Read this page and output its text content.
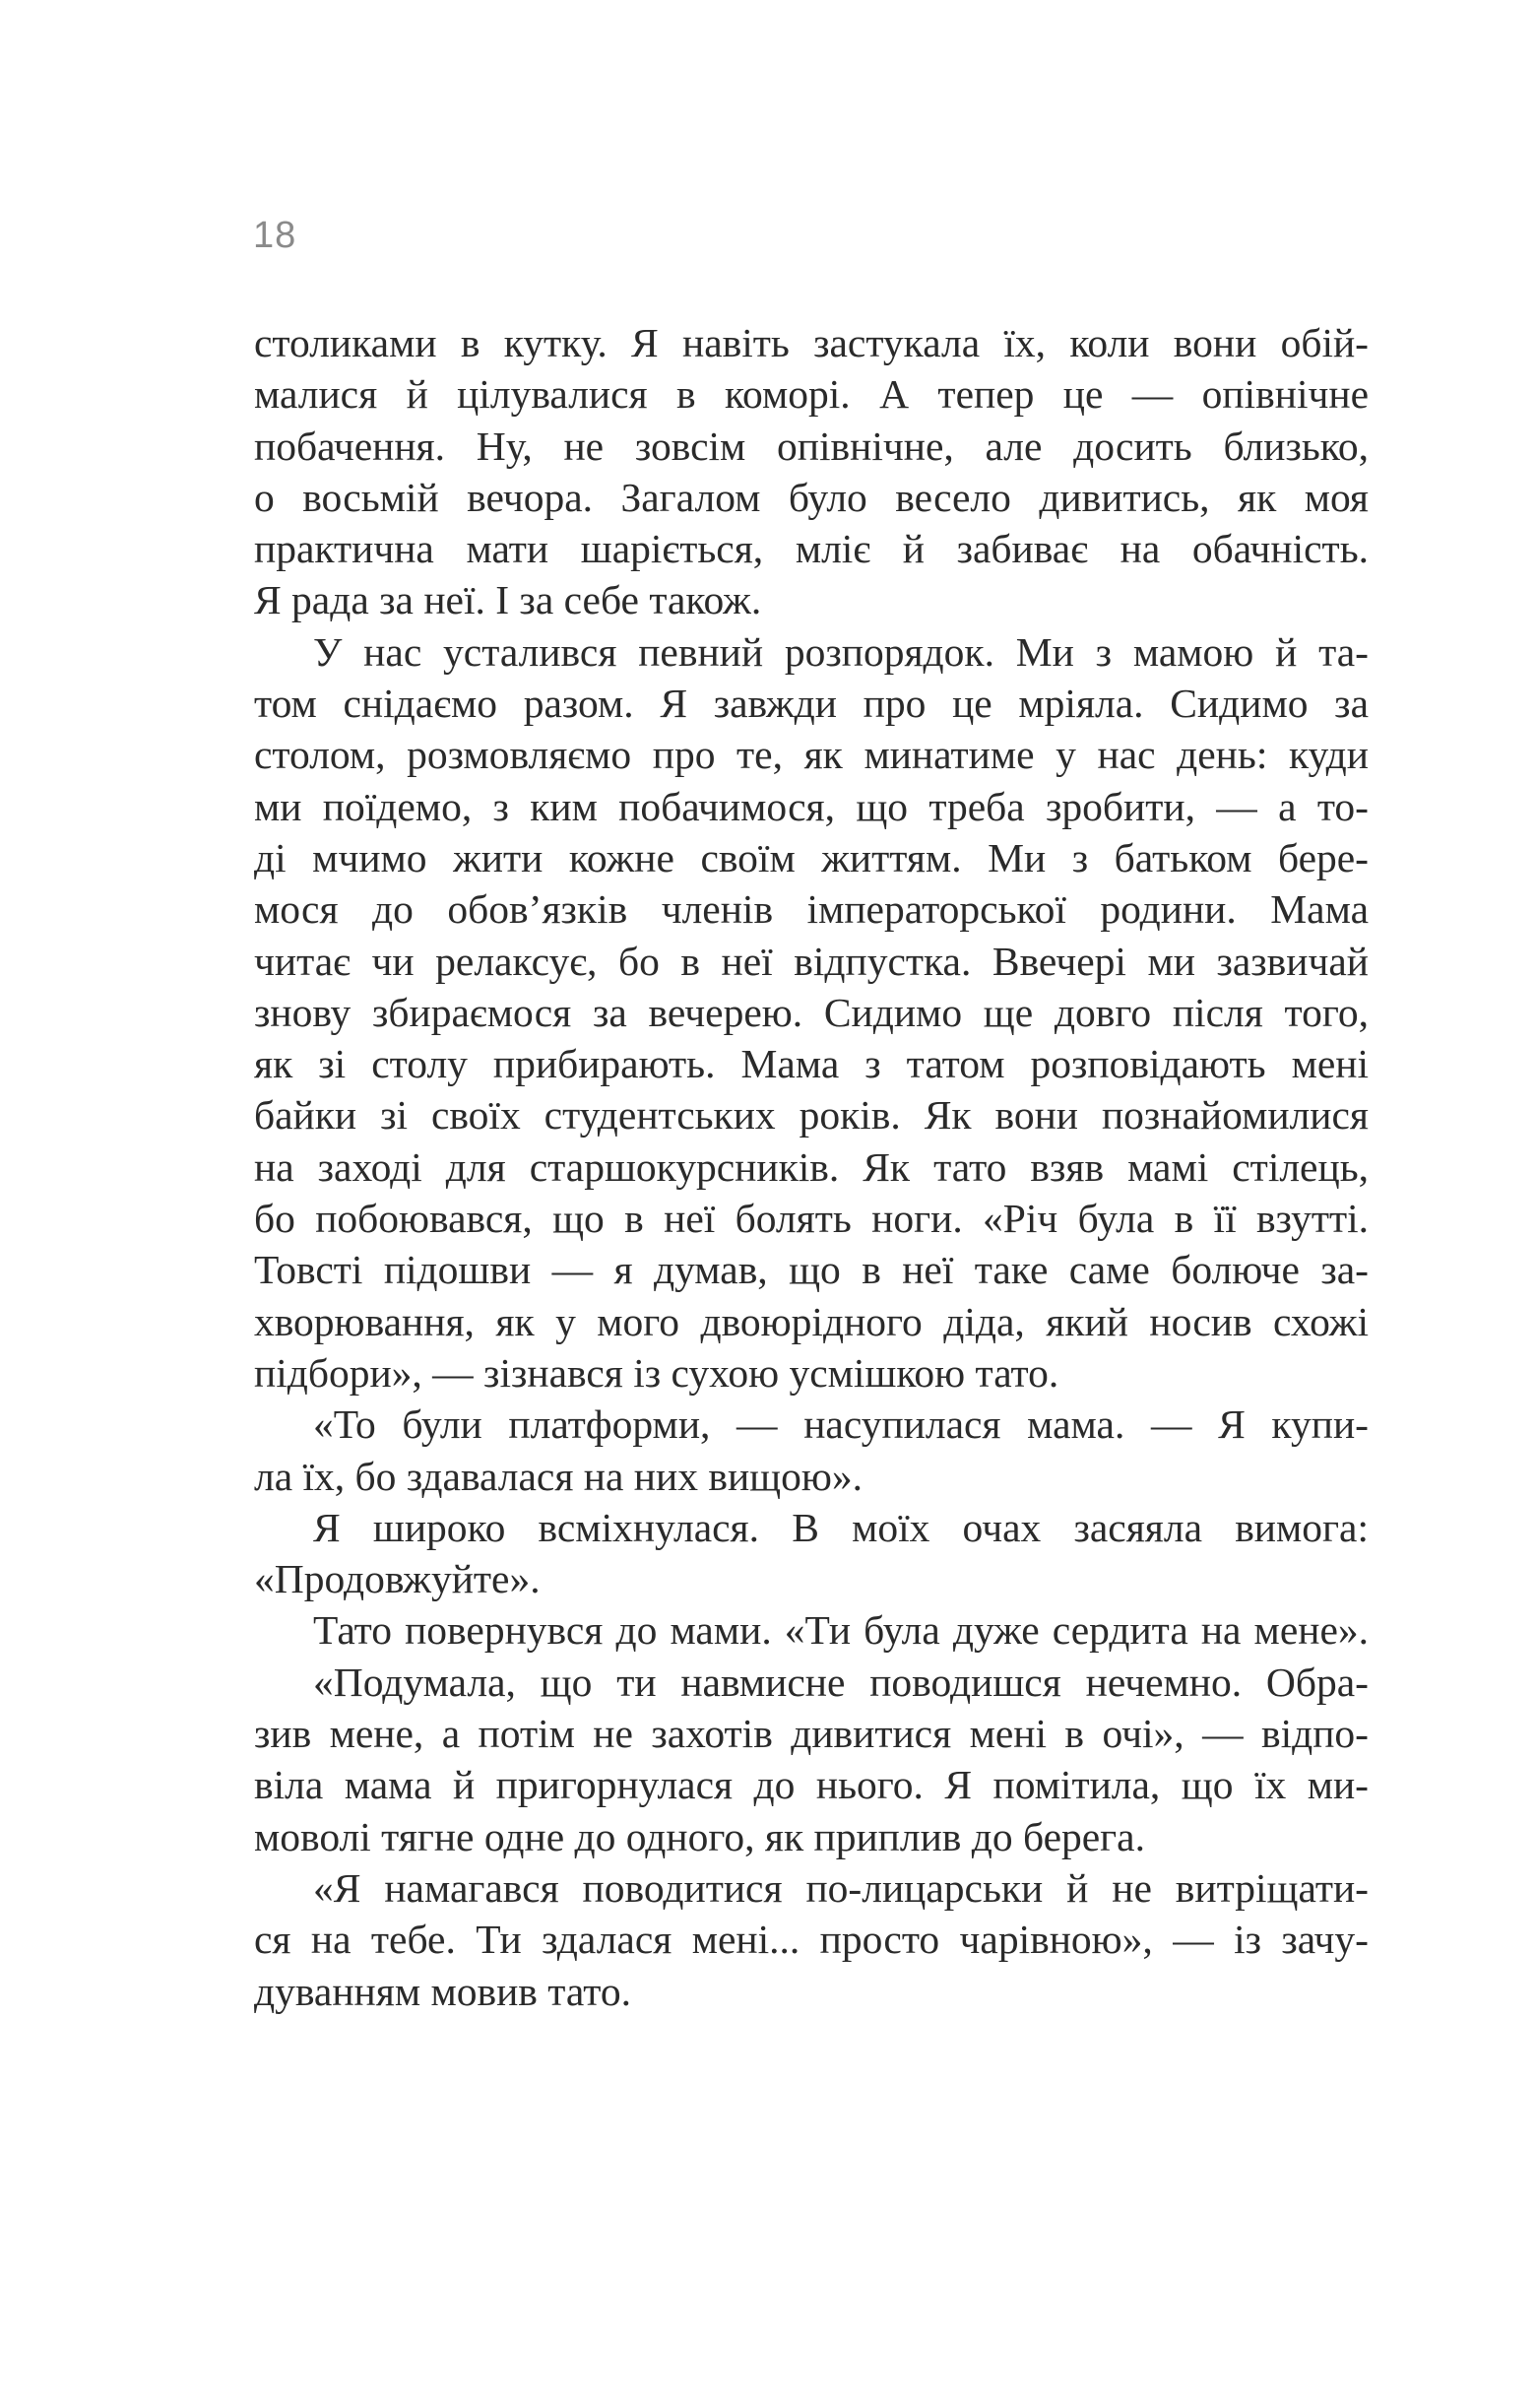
18
столиками в кутку. Я навіть застукала їх, коли вони обій-
малися й цілувалися в коморі. А тепер це — опівнічне
побачення. Ну, не зовсім опівнічне, але досить близько,
о восьмій вечора. Загалом було весело дивитись, як моя
практична мати шаріється, мліє й забиває на обачність.
Я рада за неї. І за себе також.
У нас усталився певний розпорядок. Ми з мамою й та-
том снідаємо разом. Я завжди про це мріяла. Сидимо за
столом, розмовляємо про те, як минатиме у нас день: куди
ми поїдемо, з ким побачимося, що треба зробити, — а то-
ді мчимо жити кожне своїм життям. Ми з батьком бере-
мося до обов’язків членів імператорської родини. Мама
читає чи релаксує, бо в неї відпустка. Ввечері ми зазвичай
знову збираємося за вечерею. Сидимо ще довго після того,
як зі столу прибирають. Мама з татом розповідають мені
байки зі своїх студентських років. Як вони познайомилися
на заході для старшокурсників. Як тато взяв мамі стілець,
бо побоювався, що в неї болять ноги. «Річ була в її взутті.
Товсті підошви — я думав, що в неї таке саме болюче за-
хворювання, як у мого двоюрідного діда, який носив схожі
підбори», — зізнався із сухою усмішкою тато.
«То були платформи, — насупилася мама. — Я купи-
ла їх, бо здавалася на них вищою».
Я широко всміхнулася. В моїх очах засяяла вимога:
«Продовжуйте».
Тато повернувся до мами. «Ти була дуже сердита на мене».
«Подумала, що ти навмисне поводишся нечемно. Обра-
зив мене, а потім не захотів дивитися мені в очі», — відпо-
віла мама й пригорнулася до нього. Я помітила, що їх ми-
моволі тягне одне до одного, як приплив до берега.
«Я намагався поводитися по-лицарськи й не витріщати-
ся на тебе. Ти здалася мені... просто чарівною», — із зачу-
дуванням мовив тато.
